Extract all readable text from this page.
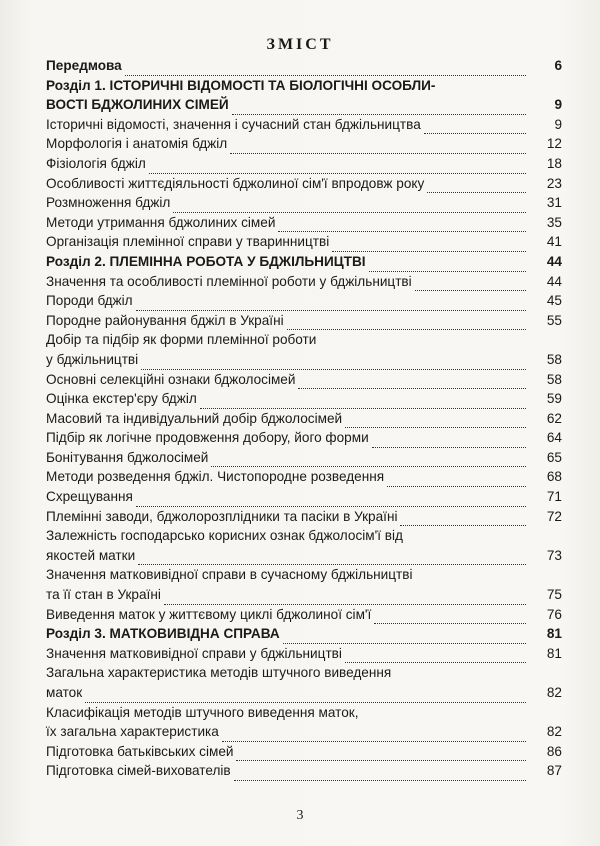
ЗМІСТ
Передмова	6
Розділ 1. ІСТОРИЧНІ ВІДОМОСТІ ТА БІОЛОГІЧНІ ОСОБЛИ-
ВОСТІ БДЖОЛИНИХ СІМЕЙ	9
Історичні відомості, значення і сучасний стан бджільництва	9
Морфологія і анатомія бджіл	12
Фізіологія бджіл	18
Особливості життєдіяльності бджолиної сім'ї впродовж року	23
Розмноження бджіл	31
Методи утримання бджолиних сімей	35
Організація племінної справи у тваринництві	41
Розділ 2. ПЛЕМІННА РОБОТА У БДЖІЛЬНИЦТВІ	44
Значення та особливості племінної роботи у бджільництві	44
Породи бджіл	45
Породне районування бджіл в Україні	55
Добір та підбір як форми племінної роботи
у бджільництві	58
Основні селекційні ознаки бджолосімей	58
Оцінка екстер'єру бджіл	59
Масовий та індивідуальний добір бджолосімей	62
Підбір як логічне продовження добору, його форми	64
Бонітування бджолосімей	65
Методи розведення бджіл. Чистопородне розведення	68
Схрещування	71
Племінні заводи, бджолорозплідники та пасіки в Україні	72
Залежність господарсько корисних ознак бджолосім'ї від
якостей матки	73
Значення матковивідної справи в сучасному бджільництві
та її стан в Україні	75
Виведення маток у життєвому циклі бджолиної сім'ї	76
Розділ 3. МАТКОВИВІДНА СПРАВА	81
Значення матковивідної справи у бджільництві	81
Загальна характеристика методів штучного виведення
маток	82
Класифікація методів штучного виведення маток,
їх загальна характеристика	82
Підготовка батьківських сімей	86
Підготовка сімей-вихователів	87
3
